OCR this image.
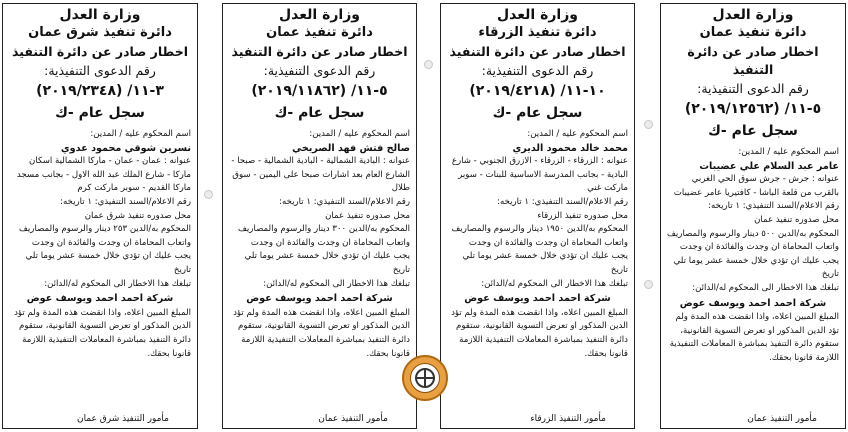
وزارة العدل
دائرة تنفيذ عمان
اخطار صادر عن دائرة التنفيذ
رقم الدعوى التنفيذية:
٥-١١/ (٢٠١٩/١٢٥٦٢)
سجل عام -ك

اسم المحكوم عليه / المدين:

عامر عبد السلام علي عضيبات

عنوانه : جرش - جرش سوق الحي الغربي بالقرب من قلعة الباشا - كافتيريا عامر عضيبات

رقم الاعلام/السند التنفيذي: ١ تاريخه:

محل صدوره تنفيذ عمان

المحكوم به/الدين ٥٠٠ دينار والرسوم والمصاريف واتعاب المحاماة ان وجدت والفائدة ان وجدت

يجب عليك ان تؤدي خلال خمسة عشر يوما تلي تاريخ

تبلغك هذا الاخطار الى المحكوم له/الدائن:

شركة احمد احمد ويوسف عوض

المبلغ المبين اعلاه، واذا انقضت هذه المدة ولم تؤد الدين المذكور او تعرض التسوية القانونية، ستقوم دائرة التنفيذ بمباشرة المعاملات التنفيذية اللازمة قانونا بحقك.

مأمور التنفيذ عمان
وزارة العدل
دائرة تنفيذ الزرقاء
اخطار صادر عن دائرة التنفيذ
رقم الدعوى التنفيذية:
١٠-١١/ (٢٠١٩/٤٢١٨)
سجل عام -ك

اسم المحكوم عليه / المدين:

محمد خالد محمود الديري

عنوانه : الزرقاء - الزرقاء - الازرق الجنوبي - شارع البادية - بجانب المدرسة الاساسية للبنات - سوبر ماركت غني

رقم الاعلام/السند التنفيذي: ١ تاريخه:

محل صدوره تنفيذ الزرقاء

المحكوم به/الدين ١٩٥٠ دينار والرسوم والمصاريف واتعاب المحاماة ان وجدت والفائدة ان وجدت

يجب عليك ان تؤدي خلال خمسة عشر يوما تلي تاريخ

تبلغك هذا الاخطار الى المحكوم له/الدائن:

شركة احمد احمد ويوسف عوض

المبلغ المبين اعلاه، واذا انقضت هذه المدة ولم تؤد الدين المذكور او تعرض التسوية القانونية، ستقوم دائرة التنفيذ بمباشرة المعاملات التنفيذية اللازمة قانونا بحقك.

مأمور التنفيذ الزرقاء
وزارة العدل
دائرة تنفيذ عمان
اخطار صادر عن دائرة التنفيذ
رقم الدعوى التنفيذية:
٥-١١/ (٢٠١٩/١١٨٦٢)
سجل عام -ك

اسم المحكوم عليه / المدين:

صالح فتش فهد الصريخي

عنوانه : البادية الشمالية - البادية الشمالية - صبحا - الشارع العام بعد اشارات صبحا على اليمين - سوق طلال

رقم الاعلام/السند التنفيذي: ١ تاريخه:

محل صدوره تنفيذ عمان

المحكوم به/الدين ٣٠٠ دينار والرسوم والمصاريف واتعاب المحاماة ان وجدت والفائدة ان وجدت

يجب عليك ان تؤدي خلال خمسة عشر يوما تلي تاريخ

تبلغك هذا الاخطار الى المحكوم له/الدائن:

شركة احمد احمد ويوسف عوض

المبلغ المبين اعلاه، واذا انقضت هذه المدة ولم تؤد الدين المذكور او تعرض التسوية القانونية، ستقوم دائرة التنفيذ بمباشرة المعاملات التنفيذية اللازمة قانونا بحقك.

مأمور التنفيذ عمان
وزارة العدل
دائرة تنفيذ شرق عمان
اخطار صادر عن دائرة التنفيذ
رقم الدعوى التنفيذية:
٣-١١/ (٢٠١٩/٢٣٤٨)
سجل عام -ك

اسم المحكوم عليه / المدين:

نسرين شوقي محمود عدوي

عنوانه : عمان - عمان - ماركا الشمالية اسكان ماركا - شارع الملك عبد الله الاول - بجانب مسجد ماركا القديم - سوبر ماركت كرم

رقم الاعلام/السند التنفيذي: ١ تاريخه:

محل صدوره تنفيذ شرق عمان

المحكوم به/الدين ٢٥٣ دينار والرسوم والمصاريف واتعاب المحاماة ان وجدت والفائدة ان وجدت

يجب عليك ان تؤدي خلال خمسة عشر يوما تلي تاريخ

تبلغك هذا الاخطار الى المحكوم له/الدائن:

شركة احمد احمد ويوسف عوض

المبلغ المبين اعلاه، واذا انقضت هذه المدة ولم تؤد الدين المذكور او تعرض التسوية القانونية، ستقوم دائرة التنفيذ بمباشرة المعاملات التنفيذية اللازمة قانونا بحقك.

مأمور التنفيذ شرق عمان
